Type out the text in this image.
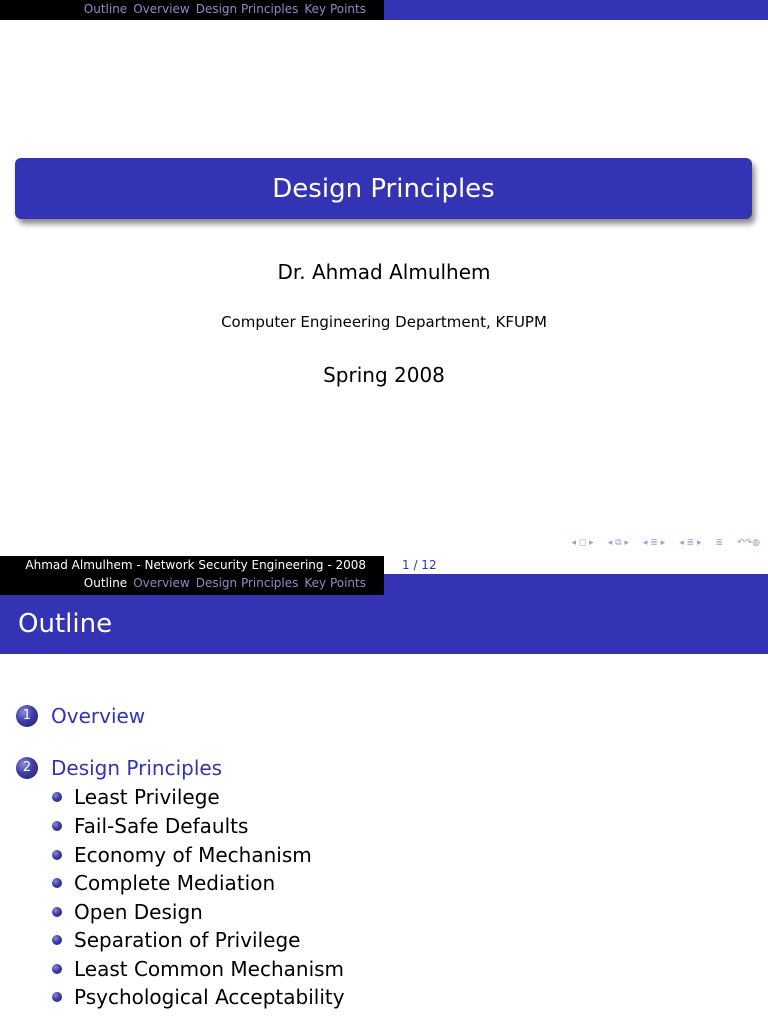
Outline Overview Design Principles Key Points
Design Principles
Dr. Ahmad Almulhem
Computer Engineering Department, KFUPM
Spring 2008
◂ ◻ ▸ ◂ ⧉ ▸ ◂ ≣ ▸ ◂ ≣ ▸ ≣ ↶↷◍
Ahmad Almulhem - Network Security Engineering - 2008	1 / 12
Outline Overview Design Principles Key Points
Outline
1 Overview
2 Design Principles
Least Privilege
Fail-Safe Defaults
Economy of Mechanism
Complete Mediation
Open Design
Separation of Privilege
Least Common Mechanism
Psychological Acceptability
